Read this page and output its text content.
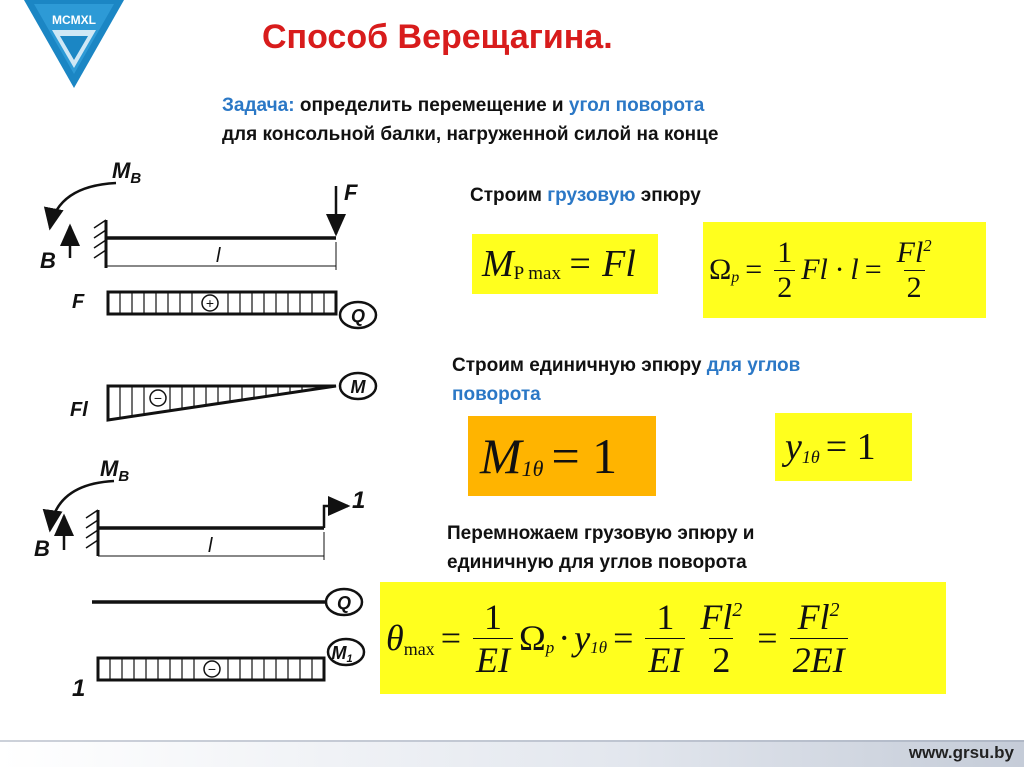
MCMXL	Способ Верещагина.
Задача: определить перемещение и угол поворота
для консольной балки, нагруженной силой на конце
Строим грузовую эпюру
M P max = Fl Ω $p = \frac{1}{2}$ $Fl \cdot l = \frac{Fl^2}{2}$
Строим единичную эпюру для углов
поворота
M 1θ = 1	y 1θ = 1
Перемножаем грузовую эпюру и
единичную для углов поворота
θ $\max = \frac{1}{EI}$ Ω p · y $1\theta = \frac{1}{EI} \frac{Fl^2}{2} = \frac{Fl^2}{2EI}$
$M_B$
B
F
l
F	+
Q
Fl
−
M
$M_B$
B
1
l
Q
−
1
M1
www.grsu.by
